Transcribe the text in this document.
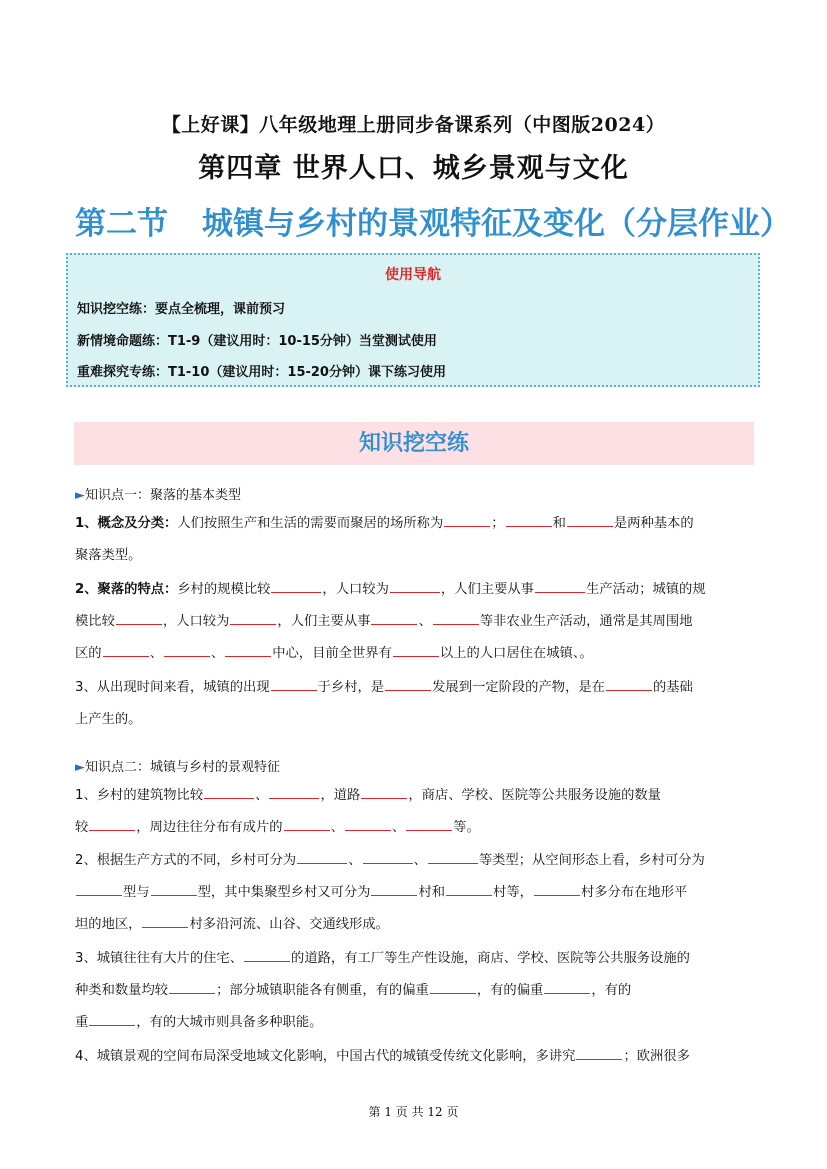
【上好课】八年级地理上册同步备课系列（中图版2024）
第四章 世界人口、城乡景观与文化
第二节 城镇与乡村的景观特征及变化（分层作业）
使用导航
知识挖空练：要点全梳理，课前预习
新情境命题练：T1-9（建议用时：10-15分钟）当堂测试使用
重难探究专练：T1-10（建议用时：15-20分钟）课下练习使用
知识挖空练
►知识点一：聚落的基本类型
1、概念及分类：人们按照生产和生活的需要而聚居的场所称为	；	和	是两种基本的
聚落类型。
2、聚落的特点：乡村的规模比较	，人口较为	，人们主要从事	生产活动；城镇的规
模比较	，人口较为	，人们主要从事	、	等非农业生产活动，通常是其周围地
区的	、	、	中心，目前全世界有	以上的人口居住在城镇、。
3、从出现时间来看，城镇的出现	于乡村，是	发展到一定阶段的产物，是在	的基础
上产生的。
►知识点二：城镇与乡村的景观特征
1、乡村的建筑物比较	、	，道路	，商店、学校、医院等公共服务设施的数量
较	，周边往往分布有成片的	、	、	等。
2、根据生产方式的不同，乡村可分为	、	、	等类型；从空间形态上看，乡村可分为
型与	型，其中集聚型乡村又可分为	村和	村等，	村多分布在地形平
坦的地区，	村多沿河流、山谷、交通线形成。
3、城镇往往有大片的住宅、	的道路，有工厂等生产性设施，商店、学校、医院等公共服务设施的
种类和数量均较	；部分城镇职能各有侧重，有的偏重	，有的偏重	，有的
重	，有的大城市则具备多种职能。
4、城镇景观的空间布局深受地域文化影响，中国古代的城镇受传统文化影响，多讲究	；欧洲很多
第 1 页 共 12 页
